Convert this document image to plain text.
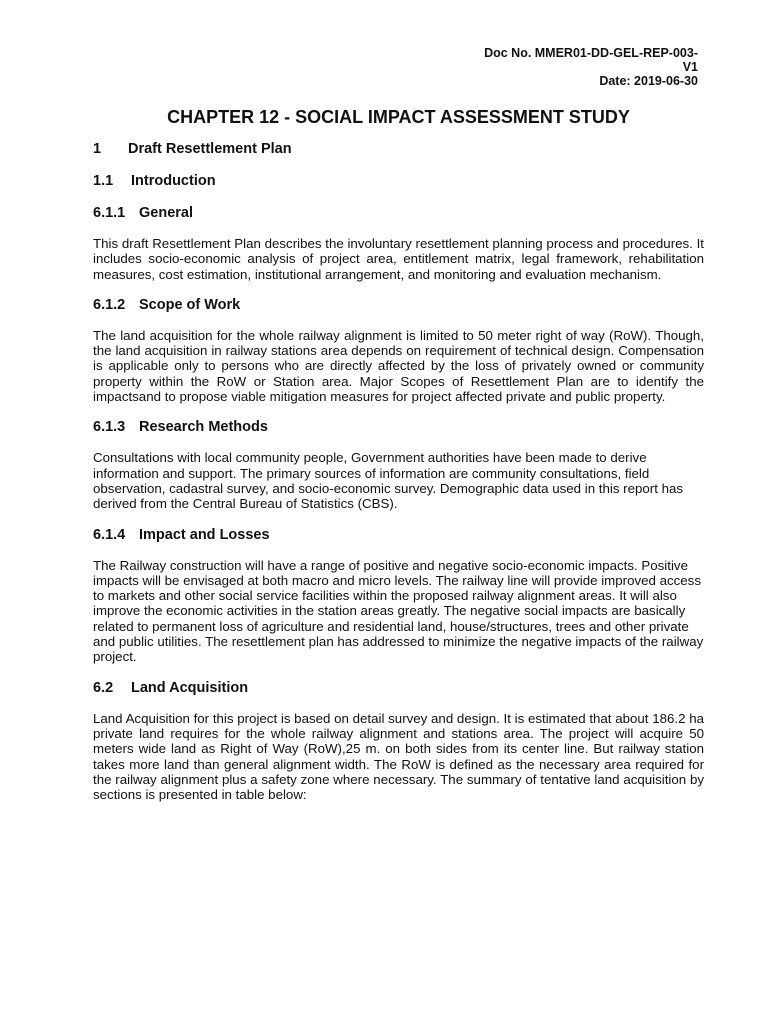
Doc No. MMER01-DD-GEL-REP-003-
V1
Date: 2019-06-30
CHAPTER 12 - SOCIAL IMPACT ASSESSMENT STUDY
1	Draft Resettlement Plan
1.1	Introduction
6.1.1 General

This draft Resettlement Plan describes the involuntary resettlement planning process and procedures. It includes socio-economic analysis of project area, entitlement matrix, legal framework, rehabilitation measures, cost estimation, institutional arrangement, and monitoring and evaluation mechanism.

6.1.2 Scope of Work

The land acquisition for the whole railway alignment is limited to 50 meter right of way (RoW). Though, the land acquisition in railway stations area depends on requirement of technical design. Compensation is applicable only to persons who are directly affected by the loss of privately owned or community property within the RoW or Station area. Major Scopes of Resettlement Plan are to identify the impactsand to propose viable mitigation measures for project affected private and public property.

6.1.3 Research Methods

Consultations with local community people, Government authorities have been made to derive information and support. The primary sources of information are community consultations, field observation, cadastral survey, and socio-economic survey. Demographic data used in this report has derived from the Central Bureau of Statistics (CBS).

6.1.4 Impact and Losses

The Railway construction will have a range of positive and negative socio-economic impacts. Positive impacts will be envisaged at both macro and micro levels. The railway line will provide improved access to markets and other social service facilities within the proposed railway alignment areas. It will also improve the economic activities in the station areas greatly. The negative social impacts are basically related to permanent loss of agriculture and residential land, house/structures, trees and other private and public utilities. The resettlement plan has addressed to minimize the negative impacts of the railway project.

6.2	Land Acquisition

Land Acquisition for this project is based on detail survey and design. It is estimated that about 186.2 ha private land requires for the whole railway alignment and stations area. The project will acquire 50 meters wide land as Right of Way (RoW),25 m. on both sides from its center line. But railway station takes more land than general alignment width. The RoW is defined as the necessary area required for the railway alignment plus a safety zone where necessary. The summary of tentative land acquisition by sections is presented in table below:
